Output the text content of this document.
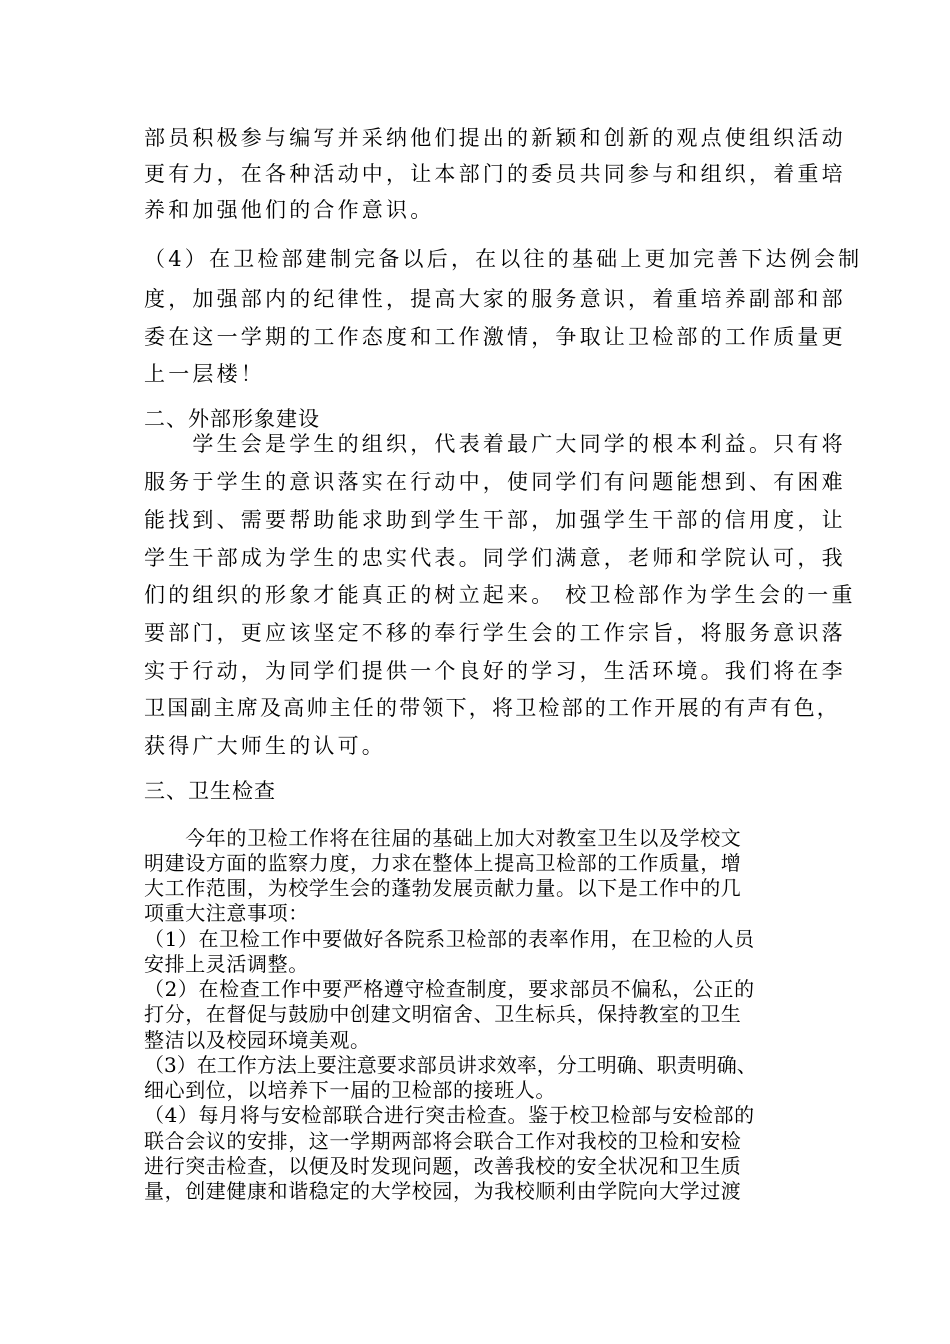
部员积极参与编写并采纳他们提出的新颖和创新的观点使组织活动
更有力，在各种活动中，让本部门的委员共同参与和组织，着重培
养和加强他们的合作意识。
（4）在卫检部建制完备以后，在以往的基础上更加完善下达例会制
度，加强部内的纪律性，提高大家的服务意识，着重培养副部和部
委在这一学期的工作态度和工作激情，争取让卫检部的工作质量更
上一层楼！
二、外部形象建设
　　学生会是学生的组织，代表着最广大同学的根本利益。只有将
服务于学生的意识落实在行动中，使同学们有问题能想到、有困难
能找到、需要帮助能求助到学生干部，加强学生干部的信用度，让
学生干部成为学生的忠实代表。同学们满意，老师和学院认可，我
们的组织的形象才能真正的树立起来。 校卫检部作为学生会的一重
要部门，更应该坚定不移的奉行学生会的工作宗旨，将服务意识落
实于行动，为同学们提供一个良好的学习，生活环境。我们将在李
卫国副主席及高帅主任的带领下，将卫检部的工作开展的有声有色，
获得广大师生的认可。
三、卫生检查
　　今年的卫检工作将在往届的基础上加大对教室卫生以及学校文
明建设方面的监察力度，力求在整体上提高卫检部的工作质量，增
大工作范围，为校学生会的蓬勃发展贡献力量。以下是工作中的几
项重大注意事项：
（1）在卫检工作中要做好各院系卫检部的表率作用，在卫检的人员
安排上灵活调整。
（2）在检查工作中要严格遵守检查制度，要求部员不偏私，公正的
打分，在督促与鼓励中创建文明宿舍、卫生标兵，保持教室的卫生
整洁以及校园环境美观。
（3）在工作方法上要注意要求部员讲求效率，分工明确、职责明确、
细心到位，以培养下一届的卫检部的接班人。
（4）每月将与安检部联合进行突击检查。鉴于校卫检部与安检部的
联合会议的安排，这一学期两部将会联合工作对我校的卫检和安检
进行突击检查，以便及时发现问题，改善我校的安全状况和卫生质
量，创建健康和谐稳定的大学校园，为我校顺利由学院向大学过渡
